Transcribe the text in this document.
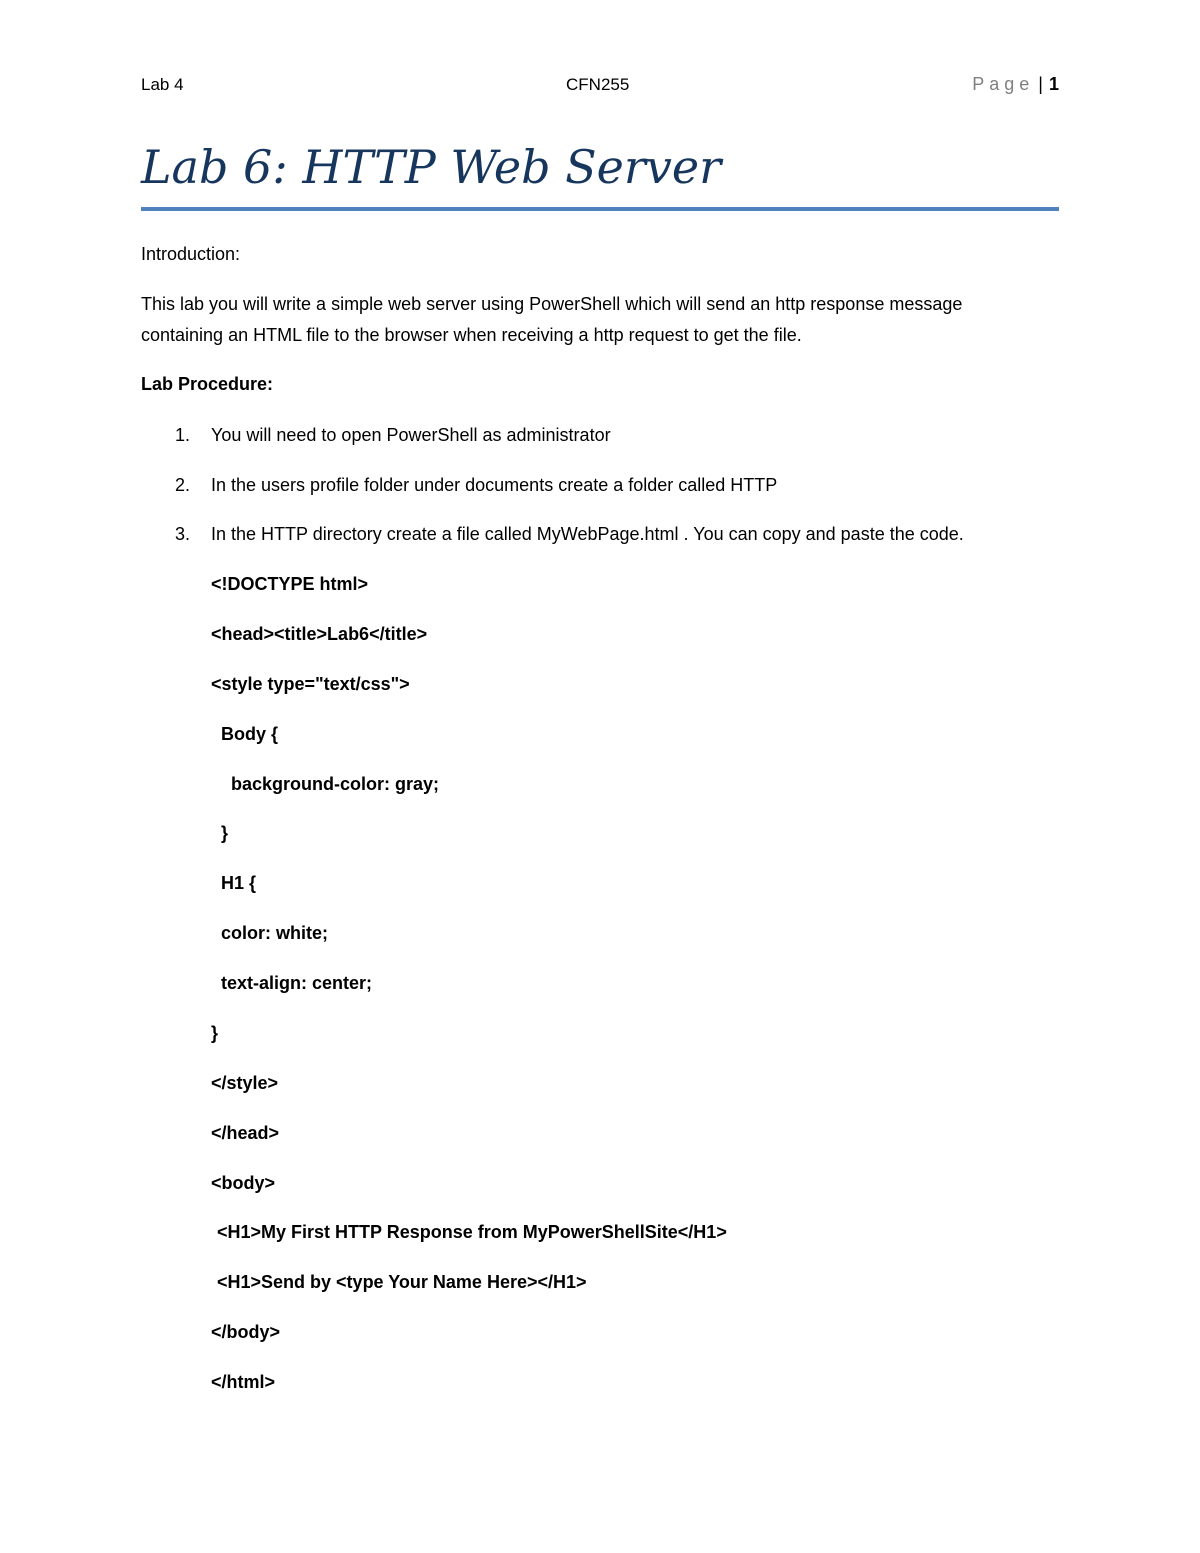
Lab 4	CFN255	Page | 1
Lab 6: HTTP Web Server
Introduction:
This lab you will write a simple web server using PowerShell which will send an http response message
containing an HTML file to the browser when receiving a http request to get the file.
Lab Procedure:
1.	You will need to open PowerShell as administrator
2.	In the users profile folder under documents create a folder called HTTP
3.	In the HTTP directory create a file called MyWebPage.html . You can copy and paste the code.
<!DOCTYPE html>
<head><title>Lab6</title>
<style type="text/css">
Body {
background-color: gray;
}
H1 {
color: white;
text-align: center;
}
</style>
</head>
<body>
<H1>My First HTTP Response from MyPowerShellSite</H1>
<H1>Send by <type Your Name Here></H1>
</body>
</html>
